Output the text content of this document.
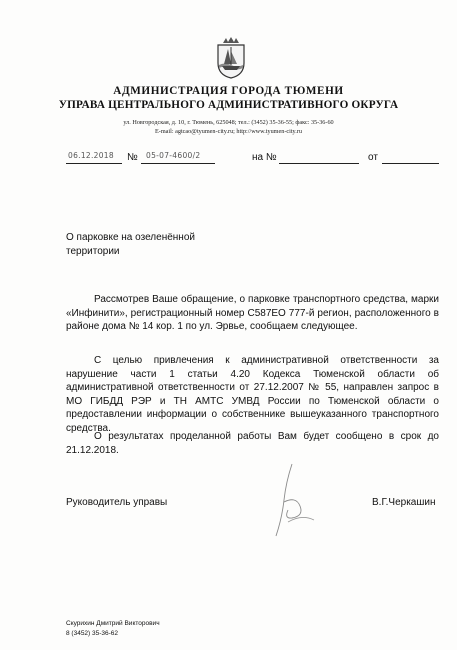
АДМИНИСТРАЦИЯ ГОРОДА ТЮМЕНИ
УПРАВА ЦЕНТРАЛЬНОГО АДМИНИСТРАТИВНОГО ОКРУГА
ул. Новгородская, д. 10, г. Тюмень, 625048; тел.: (3452) 35-36-55; факс: 35-36-60
E-mail: agtcao@tyumen-city.ru; http://www.tyumen-city.ru
06.12.2018 № 05-07-4600/2	на №	от
О парковке на озеленённой
территории
Рассмотрев Ваше обращение, о парковке транспортного средства, марки «Инфинити», регистрационный номер С587ЕО 777-й регион, расположенного в районе дома № 14 кор. 1 по ул. Эрвье, сообщаем следующее.
С целью привлечения к административной ответственности за нарушение части 1 статьи 4.20 Кодекса Тюменской области об административной ответственности от 27.12.2007 № 55, направлен запрос в МО ГИБДД РЭР и ТН АМТС УМВД России по Тюменской области о предоставлении информации о собственнике вышеуказанного транспортного средства.
О результатах проделанной работы Вам будет сообщено в срок до 21.12.2018.
Руководитель управы	В.Г.Черкашин
Скурихин Дмитрий Викторович
8 (3452) 35-36-62
